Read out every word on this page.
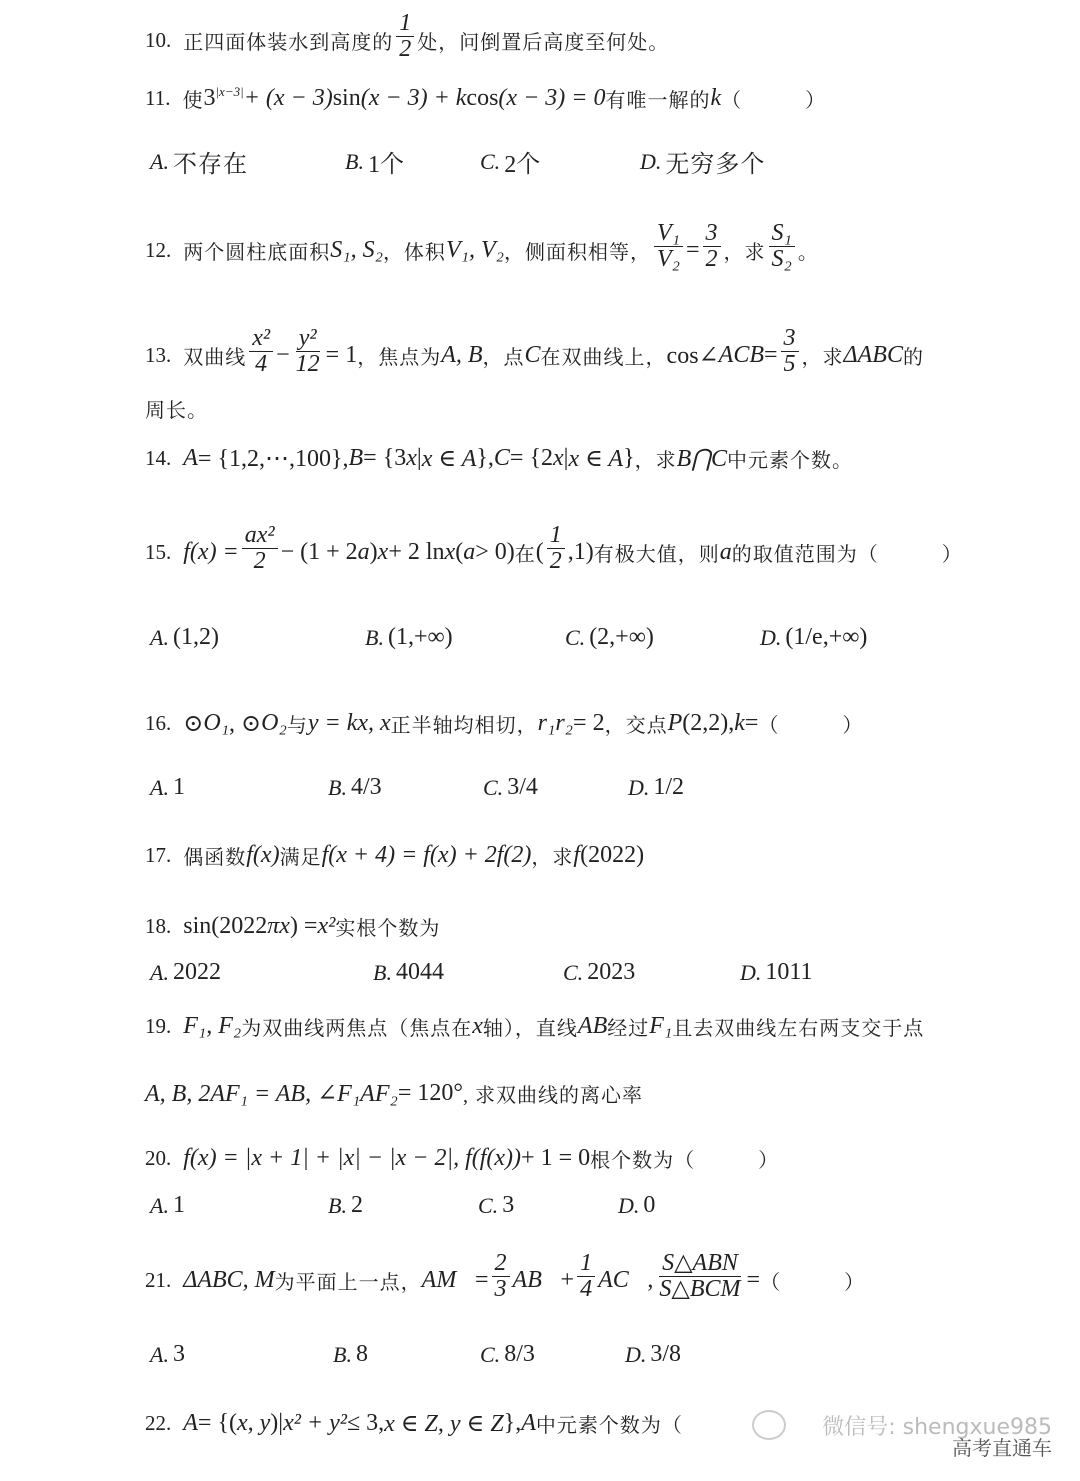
10. 正四面体装水到高度的 $\frac{1}{2}$ 处，问倒置后高度至何处。
11. 使 $3^{|x-3|} + (x - 3)$ sin (x − 3) + k cos (x − 3) = 0 有唯一解的 k （　　　）
A. 不存在	B. 1个	C. 2个	D. 无穷多个
12. 两个圆柱底面积 S₁, S₂ ，体积 V₁, V₂ ，侧面积相等， $\frac{\text{V₁}}{\text{V₂}} = \frac{3}{2}$ ，求 $\frac{\text{S₁}}{\text{S₂}}$ 。
13. 双曲线 $\frac{\text{x²}}{4} - \frac{\text{y²}}{12} = 1$ ，焦点为 A, B ，点 C 在双曲线上， cos∠ ACB = $\frac{3}{5}$ ，求 ΔABC 的
周长。
14. A = {1,2,⋯,100}, B = {3 x | x ∈ A }, C = {2 x | x ∈ A } ，求 B⋂C 中元素个数。
15. $f(x) = \frac{\text{ax²}}{2} - (1 + 2$ a ) x + 2 ln x ( a > 0) 在 ( $\frac{1}{2} ,1$) 有极大值，则 a 的取值范围为（　　　）
A. (1,2)	B. (1,+∞)	C. (2,+∞)	D. (1/e,+∞)
16. ⊙ O₁ , ⊙ O₂ 与 y = kx, x 正半轴均相切， r₁r₂ = 2 ，交点 P (2,2), k = （　　　）
A. 1	B. 4/3	C. 3/4	D. 1/2
17. 偶函数 f(x) 满足 f(x + 4) = f(x) + 2f(2) ，求 f (2022)
18. sin(2022 πx ) = x² 实根个数为
A. 2022	B. 4044	C. 2023	D. 1011
19. F₁, F₂ 为双曲线两焦点（焦点在 x 轴），直线 AB 经过 F₁ 且去双曲线左右两支交于点
A, B, 2AF₁ = AB, ∠F₁AF₂ = 120° , 求双曲线的离心率
20. f(x) = |x + 1| + |x| − |x − 2|, f(f(x)) + 1 = 0 根个数为（　　　）
A. 1	B. 2	C. 3	D. 0
21. ΔABC, M 为平面上一点， AM⃗ = $\frac{2}{3}$ AB⃗ + $\frac{1}{4}$ AC⃗ , $\frac{\text{S△ABN}}{\text{S△BCM}}$ = （　　　）
A. 3	B. 8	C. 8/3	D. 3/8
22. A = {( x, y )| x² + y² ≤ 3, x ∈ Z, y ∈ Z }, A 中元素个数为（	微信号: shengxue985
高考直通车
